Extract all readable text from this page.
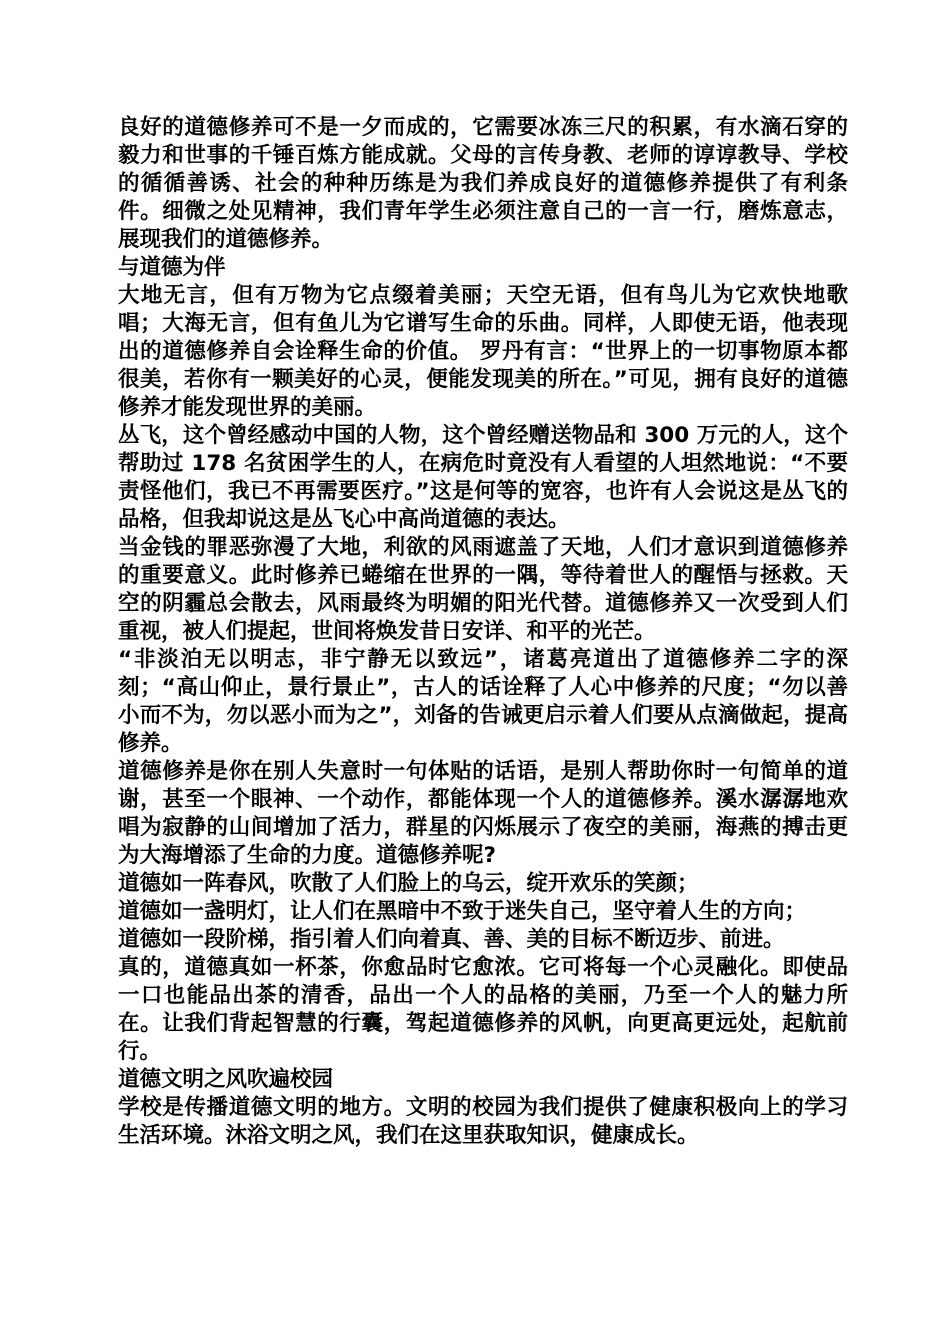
良好的道德修养可不是一夕而成的，它需要冰冻三尺的积累，有水滴石穿的毅力和世事的千锤百炼方能成就。父母的言传身教、老师的谆谆教导、学校的循循善诱、社会的种种历练是为我们养成良好的道德修养提供了有利条件。细微之处见精神，我们青年学生必须注意自己的一言一行，磨炼意志，展现我们的道德修养。

与道德为伴

大地无言，但有万物为它点缀着美丽；天空无语，但有鸟儿为它欢快地歌唱；大海无言，但有鱼儿为它谱写生命的乐曲。同样，人即使无语，他表现出的道德修养自会诠释生命的价值。 罗丹有言：“世界上的一切事物原本都很美，若你有一颗美好的心灵，便能发现美的所在。”可见，拥有良好的道德修养才能发现世界的美丽。

丛飞，这个曾经感动中国的人物，这个曾经赠送物品和 300 万元的人，这个帮助过 178 名贫困学生的人，在病危时竟没有人看望的人坦然地说：“不要责怪他们，我已不再需要医疗。”这是何等的宽容，也许有人会说这是丛飞的品格，但我却说这是丛飞心中高尚道德的表达。

当金钱的罪恶弥漫了大地，利欲的风雨遮盖了天地，人们才意识到道德修养的重要意义。此时修养已蜷缩在世界的一隅，等待着世人的醒悟与拯救。天空的阴霾总会散去，风雨最终为明媚的阳光代替。道德修养又一次受到人们重视，被人们提起，世间将焕发昔日安详、和平的光芒。

“非淡泊无以明志，非宁静无以致远”，诸葛亮道出了道德修养二字的深刻；“高山仰止，景行景止”，古人的话诠释了人心中修养的尺度；“勿以善小而不为，勿以恶小而为之”，刘备的告诫更启示着人们要从点滴做起，提高修养。

道德修养是你在别人失意时一句体贴的话语，是别人帮助你时一句简单的道谢，甚至一个眼神、一个动作，都能体现一个人的道德修养。溪水潺潺地欢唱为寂静的山间增加了活力，群星的闪烁展示了夜空的美丽，海燕的搏击更为大海增添了生命的力度。道德修养呢?

道德如一阵春风，吹散了人们脸上的乌云，绽开欢乐的笑颜；

道德如一盏明灯，让人们在黑暗中不致于迷失自己，坚守着人生的方向；

道德如一段阶梯，指引着人们向着真、善、美的目标不断迈步、前进。

真的，道德真如一杯茶，你愈品时它愈浓。它可将每一个心灵融化。即使品一口也能品出茶的清香，品出一个人的品格的美丽，乃至一个人的魅力所在。让我们背起智慧的行囊，驾起道德修养的风帆，向更高更远处，起航前行。

道德文明之风吹遍校园

学校是传播道德文明的地方。文明的校园为我们提供了健康积极向上的学习生活环境。沐浴文明之风，我们在这里获取知识，健康成长。
